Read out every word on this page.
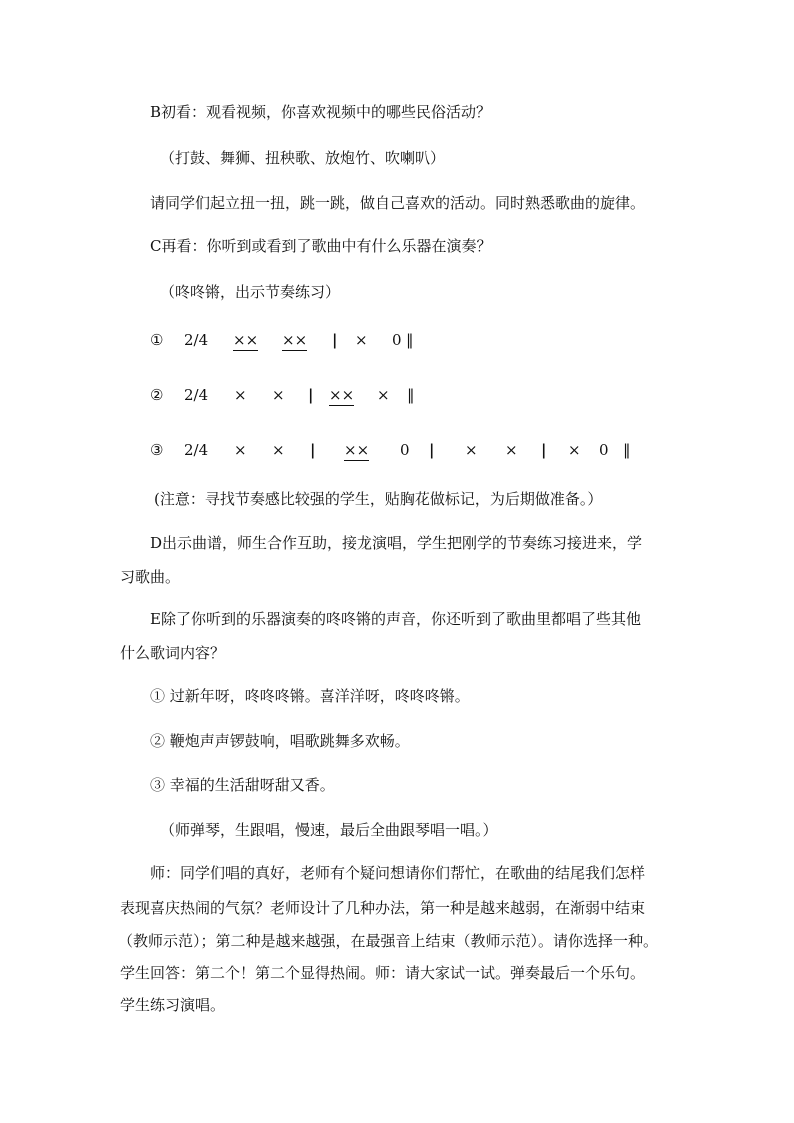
B初看：观看视频，你喜欢视频中的哪些民俗活动？

（打鼓、舞狮、扭秧歌、放炮竹、吹喇叭）

请同学们起立扭一扭，跳一跳，做自己喜欢的活动。同时熟悉歌曲的旋律。

C再看：你听到或看到了歌曲中有什么乐器在演奏？

（咚咚锵，出示节奏练习）

① 2/4 ×× ×× | × 0 ‖
② 2/4 × × | ×× × ‖
③ 2/4 × × | ×× 0 | × × | × 0 ‖

(注意：寻找节奏感比较强的学生，贴胸花做标记，为后期做准备。）

D出示曲谱，师生合作互助，接龙演唱，学生把刚学的节奏练习接进来，学

习歌曲。

E除了你听到的乐器演奏的咚咚锵的声音，你还听到了歌曲里都唱了些其他

什么歌词内容？

① 过新年呀，咚咚咚锵。喜洋洋呀，咚咚咚锵。

② 鞭炮声声锣鼓响，唱歌跳舞多欢畅。

③ 幸福的生活甜呀甜又香。

（师弹琴，生跟唱，慢速，最后全曲跟琴唱一唱。）

师：同学们唱的真好，老师有个疑问想请你们帮忙，在歌曲的结尾我们怎样

表现喜庆热闹的气氛？老师设计了几种办法，第一种是越来越弱，在渐弱中结束

（教师示范）；第二种是越来越强，在最强音上结束（教师示范）。请你选择一种。

学生回答：第二个！第二个显得热闹。师：请大家试一试。弹奏最后一个乐句。

学生练习演唱。
